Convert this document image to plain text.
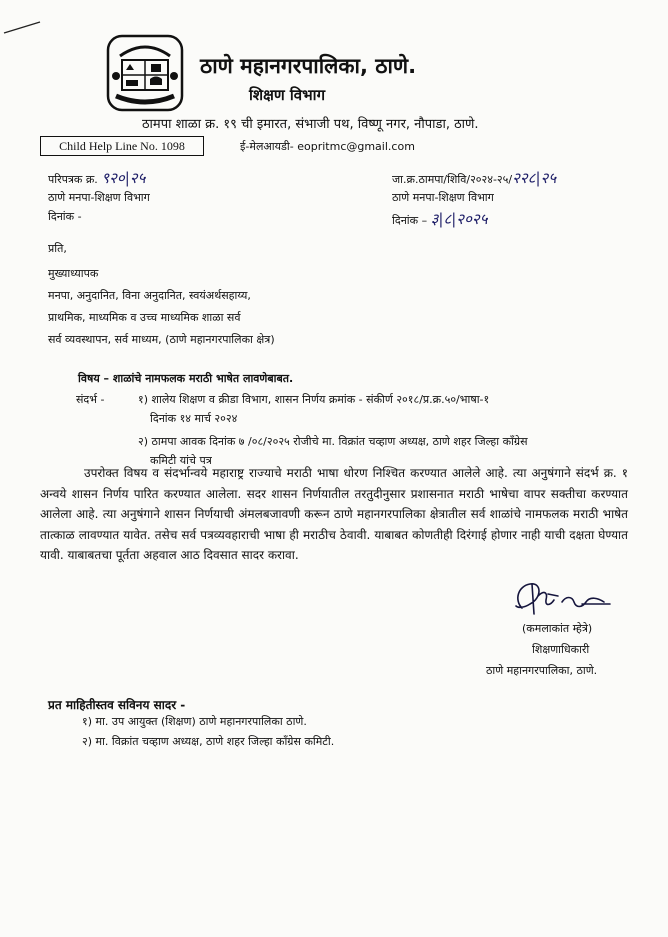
ठाणे महानगरपालिका, ठाणे.
शिक्षण विभाग
ठामपा शाळा क्र. १९ ची इमारत, संभाजी पथ, विष्णू नगर, नौपाडा, ठाणे.
Child Help Line No. 1098	ई-मेलआयडी- eopritmc@gmail.com
परिपत्रक क्र. ९२०|२५
ठाणे मनपा-शिक्षण विभाग
दिनांक -
जा.क्र.ठामपा/शिवि/२०२४-२५/२२८|२५
ठाणे मनपा-शिक्षण विभाग
दिनांक – ३|८|२०२५
प्रति,
मुख्याध्यापक
मनपा, अनुदानित, विना अनुदानित, स्वयंअर्थसहाय्य,
प्राथमिक, माध्यमिक व उच्च माध्यमिक शाळा सर्व
सर्व व्यवस्थापन, सर्व माध्यम, (ठाणे महानगरपालिका क्षेत्र)
विषय – शाळांचे नामफलक मराठी भाषेत लावणेबाबत.
संदर्भ -	१) शालेय शिक्षण व क्रीडा विभाग, शासन निर्णय क्रमांक - संकीर्ण २०१८/प्र.क्र.५०/भाषा-१
दिनांक १४ मार्च २०२४
२) ठामपा आवक दिनांक ७ /०८/२०२५ रोजीचे मा. विक्रांत चव्हाण अध्यक्ष, ठाणे शहर जिल्हा कॉंग्रेस
कमिटी यांचे पत्र
उपरोक्त विषय व संदर्भान्वये महाराष्ट्र राज्याचे मराठी भाषा धोरण निश्चित करण्यात आलेले आहे. त्या अनुषंगाने संदर्भ क्र. १ अन्वये शासन निर्णय पारित करण्यात आलेला. सदर शासन निर्णयातील तरतुदीनुसार प्रशासनात मराठी भाषेचा वापर सक्तीचा करण्यात आलेला आहे. त्या अनुषंगाने शासन निर्णयाची अंमलबजावणी करून ठाणे महानगरपालिका क्षेत्रातील सर्व शाळांचे नामफलक मराठी भाषेत तात्काळ लावण्यात यावेत. तसेच सर्व पत्रव्यवहाराची भाषा ही मराठीच ठेवावी. याबाबत कोणतीही दिरंगाई होणार नाही याची दक्षता घेण्यात यावी. याबाबतचा पूर्तता अहवाल आठ दिवसात सादर करावा.
(कमलाकांत म्हेत्रे)
शिक्षणाधिकारी
ठाणे महानगरपालिका, ठाणे.
प्रत माहितीस्तव सविनय सादर -
१) मा. उप आयुक्त (शिक्षण) ठाणे महानगरपालिका ठाणे.
२) मा. विक्रांत चव्हाण अध्यक्ष, ठाणे शहर जिल्हा कॉंग्रेस कमिटी.
